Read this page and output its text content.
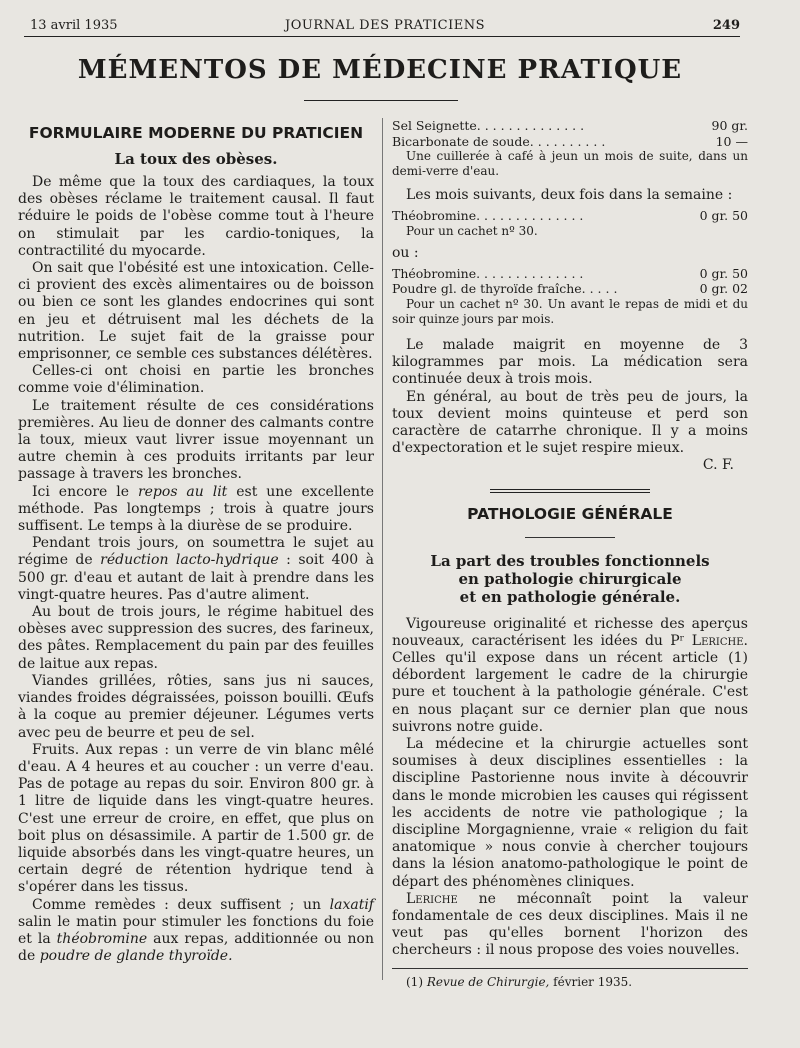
13 avril 1935	JOURNAL DES PRATICIENS	249
MÉMENTOS DE MÉDECINE PRATIQUE
FORMULAIRE MODERNE DU PRATICIEN
La toux des obèses.

De même que la toux des cardiaques, la toux des obèses réclame le traitement causal. Il faut réduire le poids de l'obèse comme tout à l'heure on stimulait par les cardio-toniques, la contractilité du myocarde.

On sait que l'obésité est une intoxication. Celle-ci provient des excès alimentaires ou de boisson ou bien ce sont les glandes endocrines qui sont en jeu et détruisent mal les déchets de la nutrition. Le sujet fait de la graisse pour emprisonner, ce semble ces substances délétères.

Celles-ci ont choisi en partie les bronches comme voie d'élimination.

Le traitement résulte de ces considérations premières. Au lieu de donner des calmants contre la toux, mieux vaut livrer issue moyennant un autre chemin à ces produits irritants par leur passage à travers les bronches.

Ici encore le repos au lit est une excellente méthode. Pas longtemps ; trois à quatre jours suffisent. Le temps à la diurèse de se produire.

Pendant trois jours, on soumettra le sujet au régime de réduction lacto-hydrique : soit 400 à 500 gr. d'eau et autant de lait à prendre dans les vingt-quatre heures. Pas d'autre aliment.

Au bout de trois jours, le régime habituel des obèses avec suppression des sucres, des farineux, des pâtes. Remplacement du pain par des feuilles de laitue aux repas.

Viandes grillées, rôties, sans jus ni sauces, viandes froides dégraissées, poisson bouilli. Œufs à la coque au premier déjeuner. Légumes verts avec peu de beurre et peu de sel.

Fruits. Aux repas : un verre de vin blanc mêlé d'eau. A 4 heures et au coucher : un verre d'eau. Pas de potage au repas du soir. Environ 800 gr. à 1 litre de liquide dans les vingt-quatre heures. C'est une erreur de croire, en effet, que plus on boit plus on désassimile. A partir de 1.500 gr. de liquide absorbés dans les vingt-quatre heures, un certain degré de rétention hydrique tend à s'opérer dans les tissus.

Comme remèdes : deux suffisent ; un laxatif salin le matin pour stimuler les fonctions du foie et la théobromine aux repas, additionnée ou non de poudre de glande thyroïde.

Sel Seignette. . . . . . . . . . . . . .	90 gr.
Bicarbonate de soude. . . . . . . . . .	10 —

Une cuillerée à café à jeun un mois de suite, dans un demi-verre d'eau.

Les mois suivants, deux fois dans la semaine :

Théobromine. . . . . . . . . . . . . .	0 gr. 50

Pour un cachet nº 30.

ou :

Théobromine. . . . . . . . . . . . . .	0 gr. 50
Poudre gl. de thyroïde fraîche. . . . .	0 gr. 02

Pour un cachet nº 30. Un avant le repas de midi et du soir quinze jours par mois.

Le malade maigrit en moyenne de 3 kilogrammes par mois. La médication sera continuée deux à trois mois.

En général, au bout de très peu de jours, la toux devient moins quinteuse et perd son caractère de catarrhe chronique. Il y a moins d'expectoration et le sujet respire mieux.

C. F.

PATHOLOGIE GÉNÉRALE
La part des troubles fonctionnels
en pathologie chirurgicale
et en pathologie générale.

Vigoureuse originalité et richesse des aperçus nouveaux, caractérisent les idées du Pʳ Leriche. Celles qu'il expose dans un récent article (1) débordent largement le cadre de la chirurgie pure et touchent à la pathologie générale. C'est en nous plaçant sur ce dernier plan que nous suivrons notre guide.

La médecine et la chirurgie actuelles sont soumises à deux disciplines essentielles : la discipline Pastorienne nous invite à découvrir dans le monde microbien les causes qui régissent les accidents de notre vie pathologique ; la discipline Morgagnienne, vraie « religion du fait anatomique » nous convie à chercher toujours dans la lésion anatomo-pathologique le point de départ des phénomènes cliniques.

Leriche ne méconnaît point la valeur fondamentale de ces deux disciplines. Mais il ne veut pas qu'elles bornent l'horizon des chercheurs : il nous propose des voies nouvelles.

(1) Revue de Chirurgie, février 1935.
